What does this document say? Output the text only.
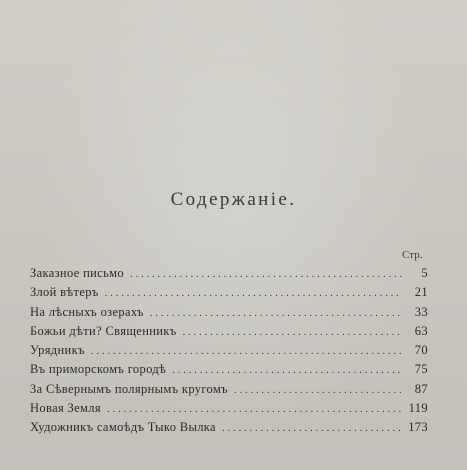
Содержанie.
Стр.
Заказное письмо . . .	5
Злой вѣтеръ . . .	21
На лѣсныхъ озерахъ . . .	33
Божьи дѣти? Священникъ . . .	63
Урядникъ . . .	70
Въ приморскомъ городѣ . . .	75
За Сѣвернымъ полярнымъ кругомъ . . .	87
Новая Земля . . .	119
Художникъ самоѣдъ Тыко Вылка . . .	173
